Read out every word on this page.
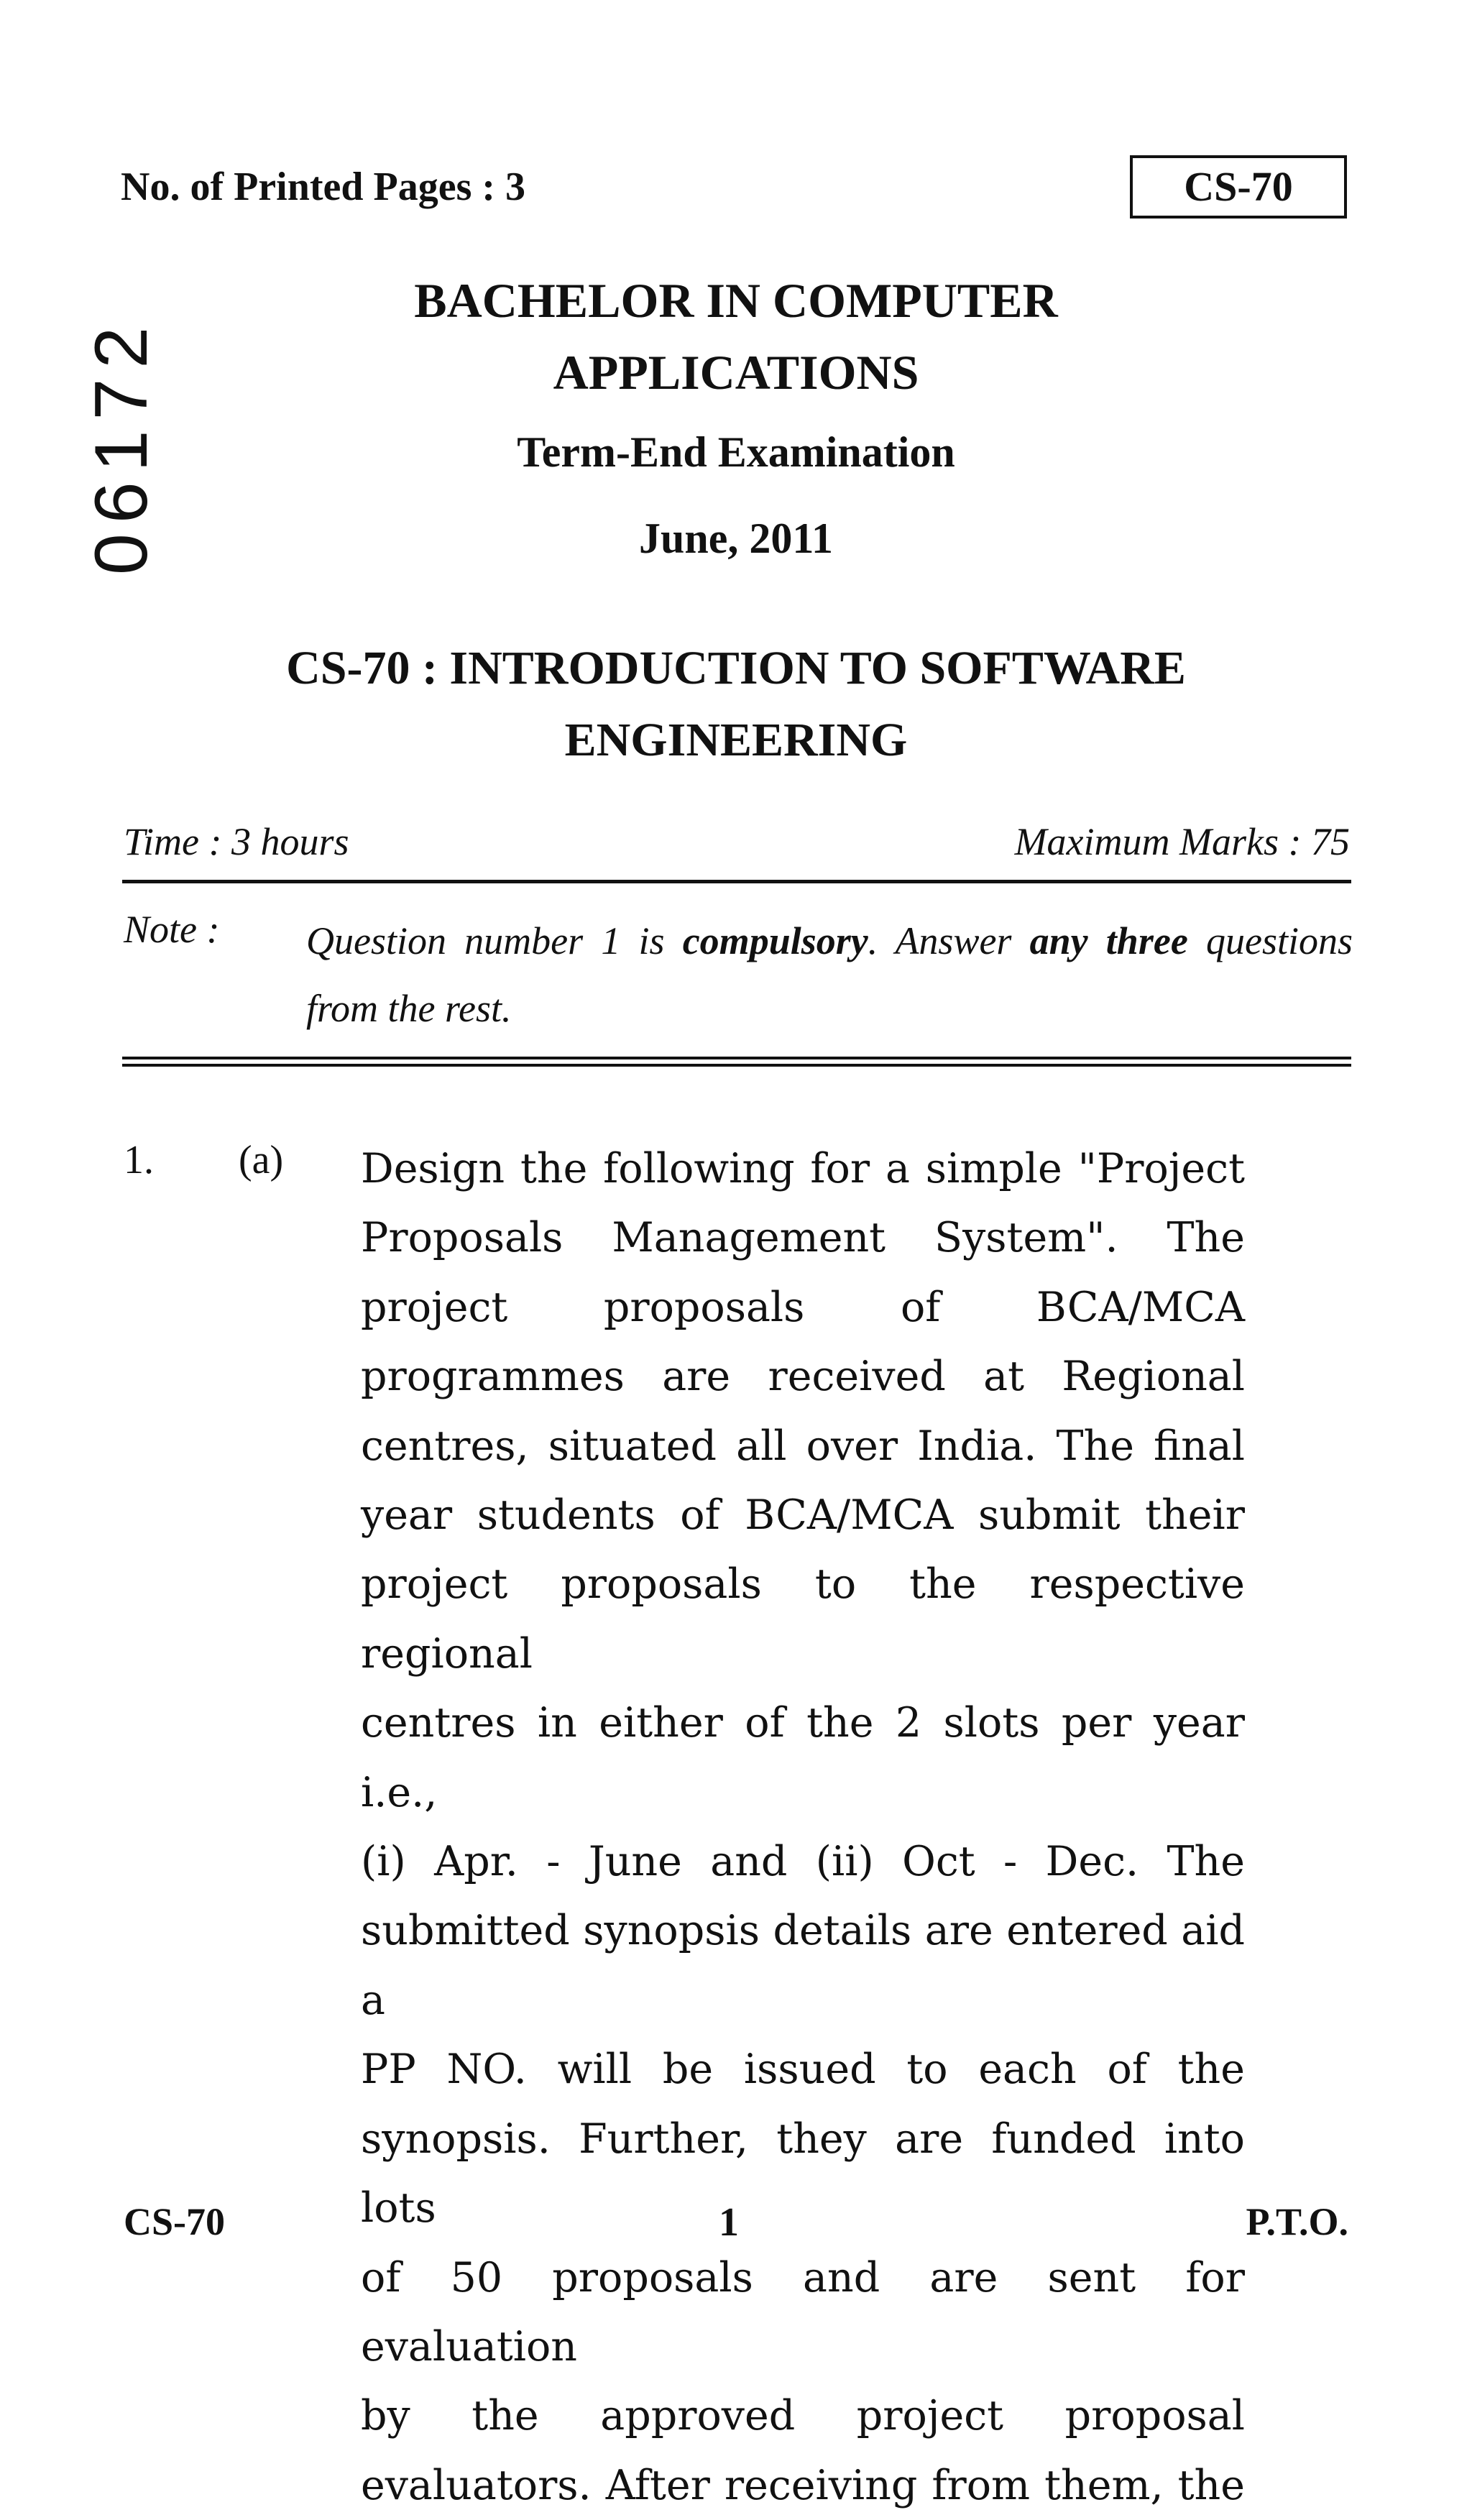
No. of Printed Pages : 3	CS-70
06172
BACHELOR IN COMPUTER
APPLICATIONS
Term-End Examination
June, 2011
CS-70 : INTRODUCTION TO SOFTWARE
ENGINEERING
Time : 3 hours	Maximum Marks : 75
Note : Question number 1 is compulsory. Answer any three questions from the rest.
1. (a) Design the following for a simple "Project
Proposals Management System". The
project proposals of BCA/MCA
programmes are received at Regional
centres, situated all over India. The final
year students of BCA/MCA submit their
project proposals to the respective regional
centres in either of the 2 slots per year i.e.,
(i) Apr. - June and (ii) Oct - Dec. The
submitted synopsis details are entered aid a
PP NO. will be issued to each of the
synopsis. Further, they are funded into lots
of 50 proposals and are sent for evaluation
by the approved project proposal
evaluators. After receiving from them, the
CS-70	1	P.T.O.
